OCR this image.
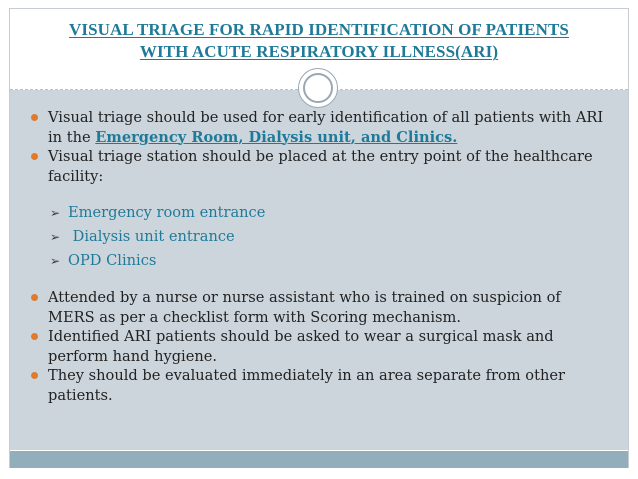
VISUAL TRIAGE FOR RAPID IDENTIFICATION OF PATIENTS
WITH ACUTE RESPIRATORY ILLNESS(ARI)
Visual triage should be used for early identification of all patients with ARI in the Emergency Room, Dialysis unit, and Clinics.
Visual triage station should be placed at the entry point of the healthcare facility:
➢ Emergency room entrance
➢ Dialysis unit entrance
➢ OPD Clinics
Attended by a nurse or nurse assistant who is trained on suspicion of MERS as per a checklist form with Scoring mechanism.
Identified ARI patients should be asked to wear a surgical mask and perform hand hygiene.
They should be evaluated immediately in an area separate from other patients.
